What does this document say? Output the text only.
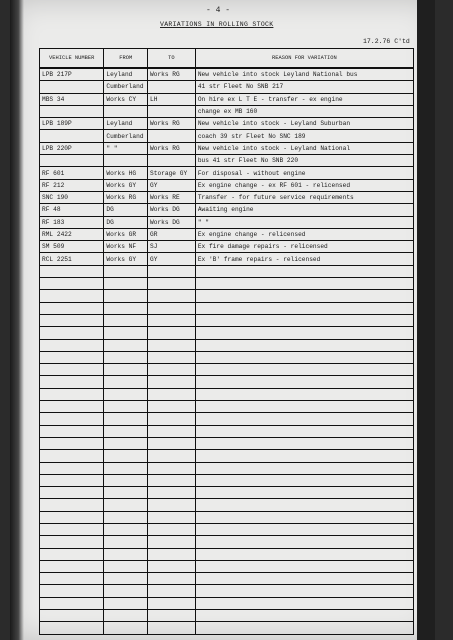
- 4 -
VARIATIONS IN ROLLING STOCK
17.2.76 C'td
VEHICLE NUMBER	FROM	TO	REASON FOR VARIATION
LPB 217P	Leyland	Works RG	New vehicle into stock Leyland National bus
	Cumberland		41 str Fleet No SNB 217
MBS 34	Works CY	LH	On hire ex L T E - transfer - ex engine
			change ex MB 160
LPB 189P	Leyland	Works RG	New vehicle into stock - Leyland Suburban
	Cumberland		coach 39 str Fleet No SNC 189
LPB 220P	" "	Works RG	New vehicle into stock - Leyland National
			bus 41 str Fleet No SNB 220
RF 601	Works HG	Storage GY	For disposal - without engine
RF 212	Works GY	GY	Ex engine change - ex RF 601 - relicensed
SNC 190	Works RG	Works RE	Transfer - for future service requirements
RF 48	DG	Works DG	Awaiting engine
RF 183	DG	Works DG	" "
RML 2422	Works GR	GR	Ex engine change - relicensed
SM 509	Works NF	SJ	Ex fire damage repairs - relicensed
RCL 2251	Works GY	GY	Ex 'B' frame repairs - relicensed
